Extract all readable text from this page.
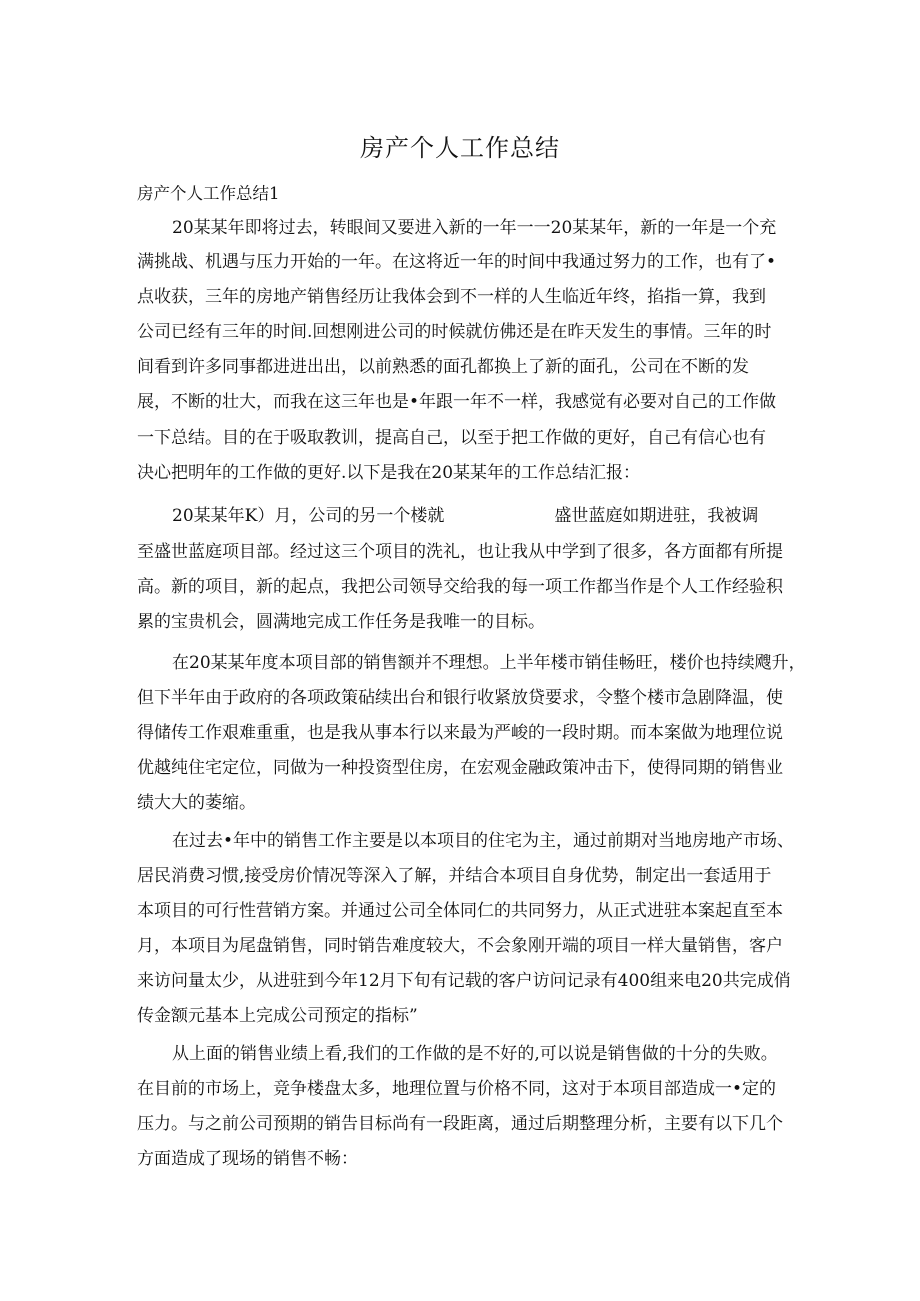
房产个人工作总结

房产个人工作总结1

20某某年即将过去，转眼间又要进入新的一年一一20某某年，新的一年是一个充

满挑战、机遇与压力开始的一年。在这将近一年的时间中我通过努力的工作，也有了•

点收获，三年的房地产销售经历让我体会到不一样的人生临近年终，掐指一算，我到

公司已经有三年的时间.回想刚进公司的时候就仿佛还是在昨天发生的事情。三年的时

间看到许多同事都进进出出，以前熟悉的面孔都换上了新的面孔，公司在不断的发

展，不断的壮大，而我在这三年也是•年跟一年不一样，我感觉有必要对自己的工作做

一下总结。目的在于吸取教训，提高自己，以至于把工作做的更好，自己有信心也有

决心把明年的工作做的更好.以下是我在20某某年的工作总结汇报：

20某某年K）月，公司的另一个楼就	盛世蓝庭如期进驻，我被调

至盛世蓝庭项目部。经过这三个项目的洗礼，也让我从中学到了很多，各方面都有所提

高。新的项目，新的起点，我把公司领导交给我的每一项工作都当作是个人工作经验积

累的宝贵机会，圆满地完成工作任务是我唯一的目标。

在20某某年度本项目部的销售额并不理想。上半年楼市销佳畅旺，楼价也持续飕升，

但下半年由于政府的各项政策砧续出台和银行收紧放贷要求，令整个楼市急剧降温，使

得储传工作艰难重重，也是我从事本行以来最为严峻的一段时期。而本案做为地理位说

优越纯住宅定位，同做为一种投资型住房，在宏观金融政策冲击下，使得同期的销售业

绩大大的萎缩。

在过去•年中的销售工作主要是以本项目的住宅为主，通过前期对当地房地产市场、

居民消费习惯,接受房价情况等深入了解，并结合本项目自身优势，制定出一套适用于

本项目的可行性营销方案。并通过公司全体同仁的共同努力，从正式进驻本案起直至本

月，本项目为尾盘销售，同时销告难度较大，不会象刚开端的项目一样大量销售，客户

来访问量太少，从进驻到今年12月下旬有记载的客户访问记录有400组来电20共完成俏

传金额元基本上完成公司预定的指标”

从上面的销售业绩上看,我们的工作做的是不好的,可以说是销售做的十分的失败。

在目前的市场上，竞争楼盘太多，地理位置与价格不同，这对于本项目部造成一•定的

压力。与之前公司预期的销告目标尚有一段距离，通过后期整理分析，主要有以下几个

方面造成了现场的销售不畅：
